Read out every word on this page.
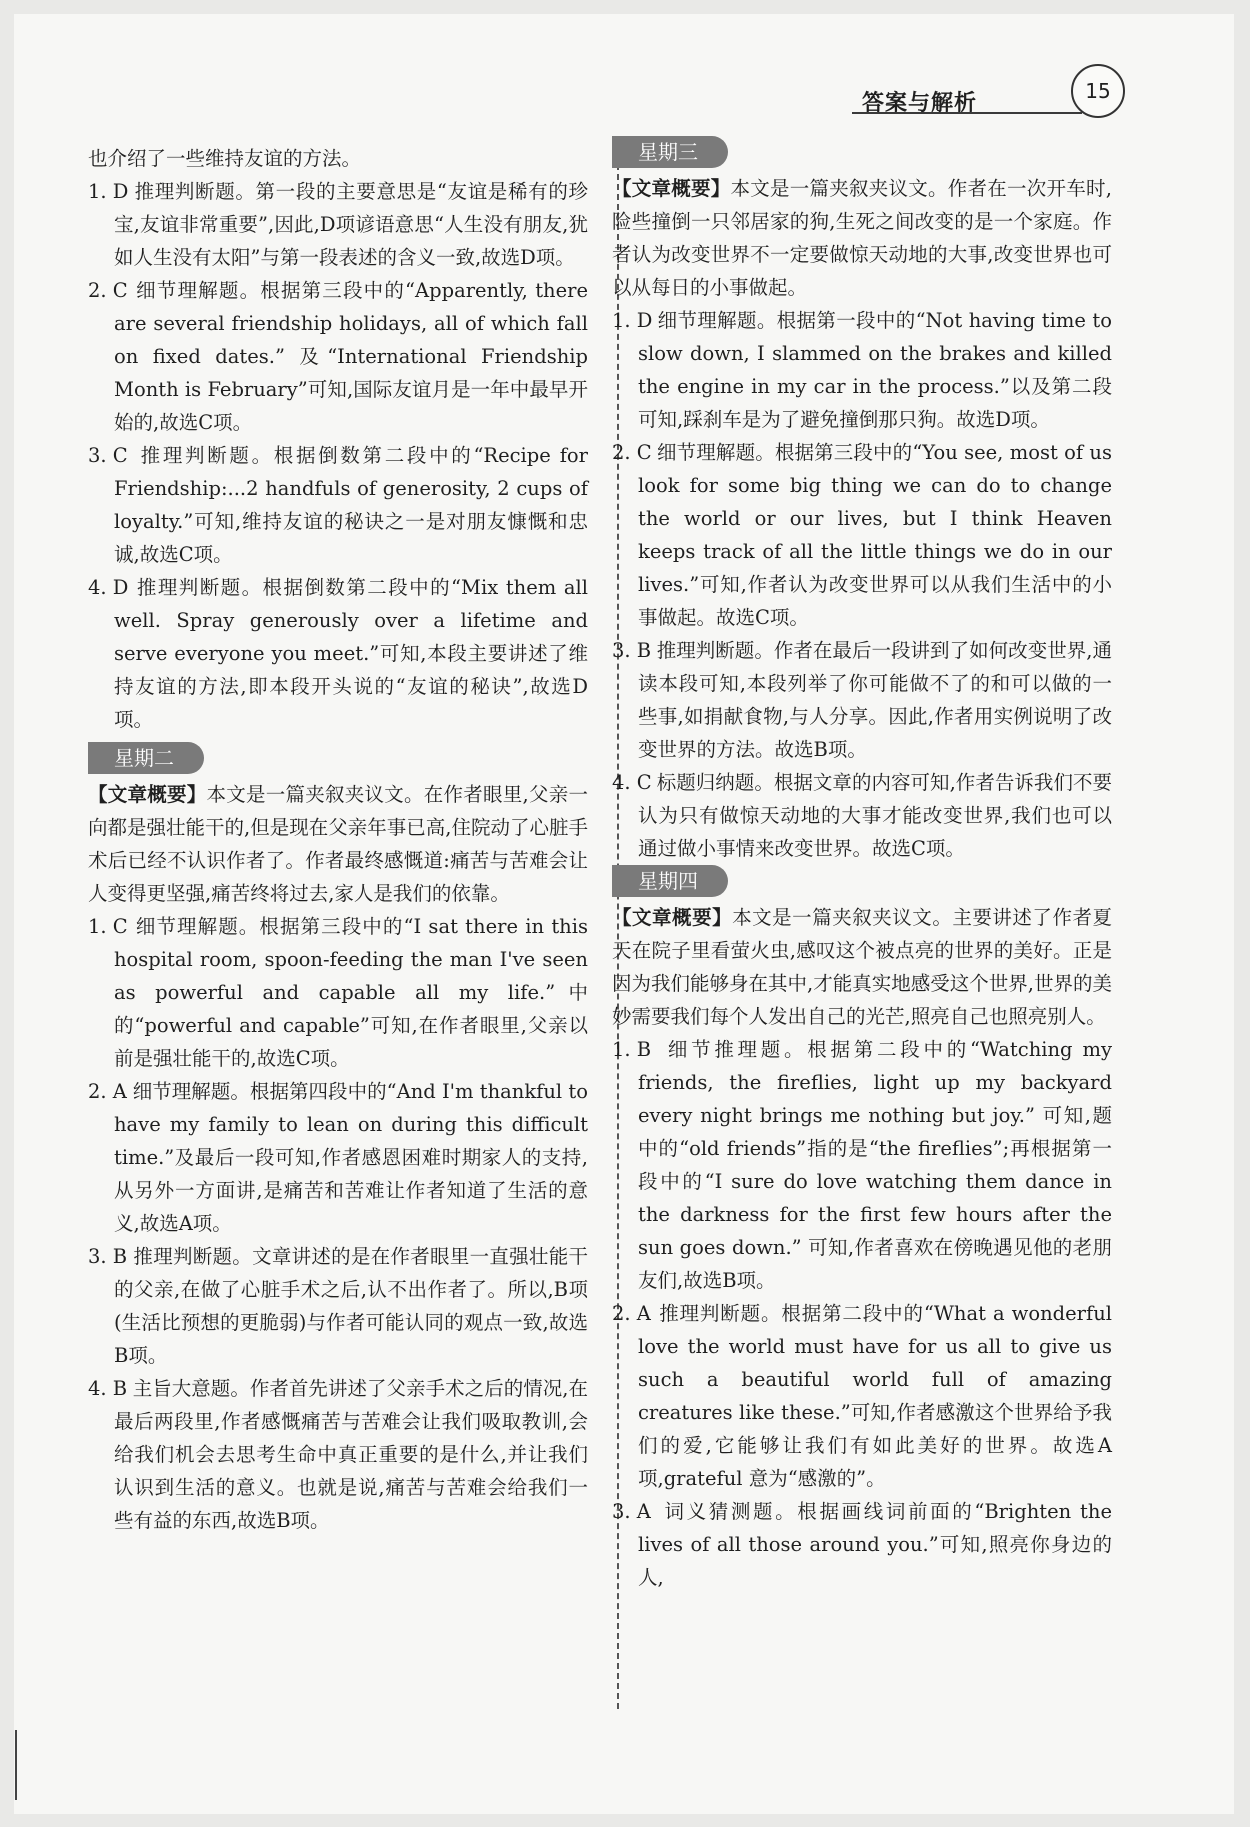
15
答案与解析

也介绍了一些维持友谊的方法。

1. D 推理判断题。第一段的主要意思是“友谊是稀有的珍宝,友谊非常重要”,因此,D项谚语意思“人生没有朋友,犹如人生没有太阳”与第一段表述的含义一致,故选D项。

2. C 细节理解题。根据第三段中的“Apparently, there are several friendship holidays, all of which fall on fixed dates.” 及“International Friendship Month is February”可知,国际友谊月是一年中最早开始的,故选C项。

3. C 推理判断题。根据倒数第二段中的“Recipe for Friendship:...2 handfuls of generosity, 2 cups of loyalty.”可知,维持友谊的秘诀之一是对朋友慷慨和忠诚,故选C项。

4. D 推理判断题。根据倒数第二段中的“Mix them all well. Spray generously over a lifetime and serve everyone you meet.”可知,本段主要讲述了维持友谊的方法,即本段开头说的“友谊的秘诀”,故选D项。

星期二

【文章概要】本文是一篇夹叙夹议文。在作者眼里,父亲一向都是强壮能干的,但是现在父亲年事已高,住院动了心脏手术后已经不认识作者了。作者最终感慨道:痛苦与苦难会让人变得更坚强,痛苦终将过去,家人是我们的依靠。

1. C 细节理解题。根据第三段中的“I sat there in this hospital room, spoon-feeding the man I've seen as powerful and capable all my life.”中的“powerful and capable”可知,在作者眼里,父亲以前是强壮能干的,故选C项。

2. A 细节理解题。根据第四段中的“And I'm thankful to have my family to lean on during this difficult time.”及最后一段可知,作者感恩困难时期家人的支持,从另外一方面讲,是痛苦和苦难让作者知道了生活的意义,故选A项。

3. B 推理判断题。文章讲述的是在作者眼里一直强壮能干的父亲,在做了心脏手术之后,认不出作者了。所以,B项(生活比预想的更脆弱)与作者可能认同的观点一致,故选B项。

4. B 主旨大意题。作者首先讲述了父亲手术之后的情况,在最后两段里,作者感慨痛苦与苦难会让我们吸取教训,会给我们机会去思考生命中真正重要的是什么,并让我们认识到生活的意义。也就是说,痛苦与苦难会给我们一些有益的东西,故选B项。

星期三

【文章概要】本文是一篇夹叙夹议文。作者在一次开车时,险些撞倒一只邻居家的狗,生死之间改变的是一个家庭。作者认为改变世界不一定要做惊天动地的大事,改变世界也可以从每日的小事做起。

1. D 细节理解题。根据第一段中的“Not having time to slow down, I slammed on the brakes and killed the engine in my car in the process.”以及第二段可知,踩刹车是为了避免撞倒那只狗。故选D项。

2. C 细节理解题。根据第三段中的“You see, most of us look for some big thing we can do to change the world or our lives, but I think Heaven keeps track of all the little things we do in our lives.”可知,作者认为改变世界可以从我们生活中的小事做起。故选C项。

3. B 推理判断题。作者在最后一段讲到了如何改变世界,通读本段可知,本段列举了你可能做不了的和可以做的一些事,如捐献食物,与人分享。因此,作者用实例说明了改变世界的方法。故选B项。

4. C 标题归纳题。根据文章的内容可知,作者告诉我们不要认为只有做惊天动地的大事才能改变世界,我们也可以通过做小事情来改变世界。故选C项。

星期四

【文章概要】本文是一篇夹叙夹议文。主要讲述了作者夏天在院子里看萤火虫,感叹这个被点亮的世界的美好。正是因为我们能够身在其中,才能真实地感受这个世界,世界的美妙需要我们每个人发出自己的光芒,照亮自己也照亮别人。

1. B 细节推理题。根据第二段中的“Watching my friends, the fireflies, light up my backyard every night brings me nothing but joy.” 可知,题中的“old friends”指的是“the fireflies”;再根据第一段中的“I sure do love watching them dance in the darkness for the first few hours after the sun goes down.” 可知,作者喜欢在傍晚遇见他的老朋友们,故选B项。

2. A 推理判断题。根据第二段中的“What a wonderful love the world must have for us all to give us such a beautiful world full of amazing creatures like these.”可知,作者感激这个世界给予我们的爱,它能够让我们有如此美好的世界。故选A项,grateful 意为“感激的”。

3. A 词义猜测题。根据画线词前面的“Brighten the lives of all those around you.”可知,照亮你身边的人,
